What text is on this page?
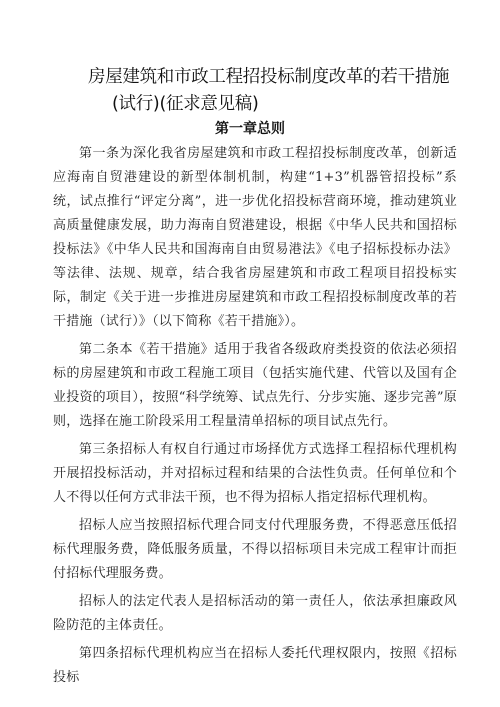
房屋建筑和市政工程招投标制度改革的若干措施
(试行)(征求意见稿)
第一章总则

第一条为深化我省房屋建筑和市政工程招投标制度改革，创新适应海南自贸港建设的新型体制机制，构建“1+3”机器管招投标”系统，试点推行“评定分离”，进一步优化招投标营商环境，推动建筑业高质量健康发展，助力海南自贸港建设，根据《中华人民共和国招标投标法》《中华人民共和国海南自由贸易港法》《电子招标投标办法》等法律、法规、规章，结合我省房屋建筑和市政工程项目招投标实际，制定《关于进一步推进房屋建筑和市政工程招投标制度改革的若干措施（试行）》（以下简称《若干措施》）。

第二条本《若干措施》适用于我省各级政府类投资的依法必须招标的房屋建筑和市政工程施工项目（包括实施代建、代管以及国有企业投资的项目），按照“科学统筹、试点先行、分步实施、逐步完善”原则，选择在施工阶段采用工程量清单招标的项目试点先行。

第三条招标人有权自行通过市场择优方式选择工程招标代理机构开展招投标活动，并对招标过程和结果的合法性负责。任何单位和个人不得以任何方式非法干预，也不得为招标人指定招标代理机构。

招标人应当按照招标代理合同支付代理服务费，不得恶意压低招标代理服务费，降低服务质量，不得以招标项目未完成工程审计而拒付招标代理服务费。

招标人的法定代表人是招标活动的第一责任人，依法承担廉政风险防范的主体责任。

第四条招标代理机构应当在招标人委托代理权限内，按照《招标投标
